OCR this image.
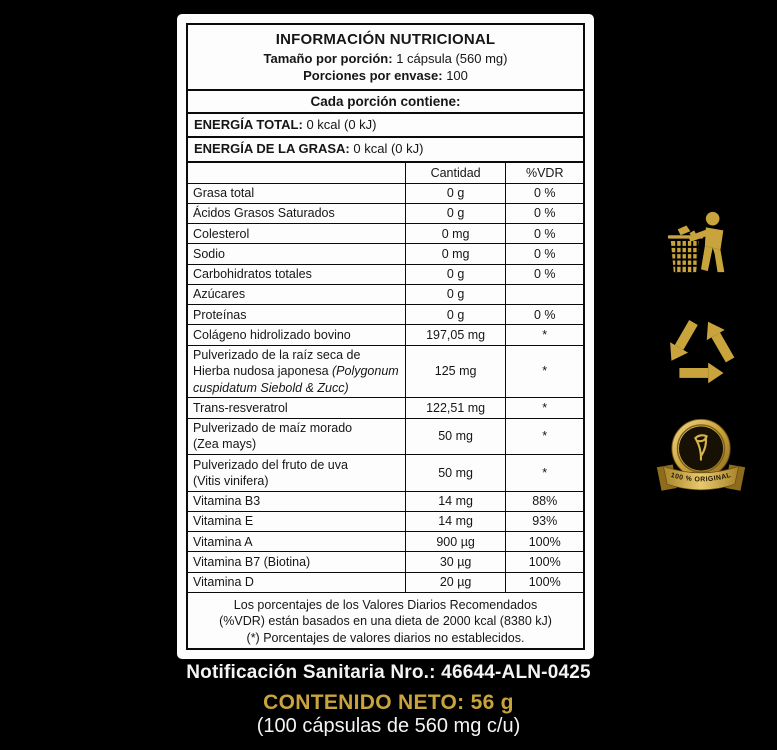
INFORMACIÓN NUTRICIONAL
Tamaño por porción: 1 cápsula (560 mg)
Porciones por envase: 100
Cada porción contiene:
ENERGÍA TOTAL: 0 kcal (0 kJ)
ENERGÍA DE LA GRASA: 0 kcal (0 kJ)
	Cantidad	%VDR
Grasa total	0 g	0 %
Ácidos Grasos Saturados	0 g	0 %
Colesterol	0 mg	0 %
Sodio	0 mg	0 %
Carbohidratos totales	0 g	0 %
Azúcares	0 g	
Proteínas	0 g	0 %
Colágeno hidrolizado bovino	197,05 mg	*
Pulverizado de la raíz seca de Hierba nudosa japonesa (Polygonum cuspidatum Siebold & Zucc)	125 mg	*
Trans-resveratrol	122,51 mg	*
Pulverizado de maíz morado
(Zea mays)	50 mg	*
Pulverizado del fruto de uva
(Vitis vinifera)	50 mg	*
Vitamina B3	14 mg	88%
Vitamina E	14 mg	93%
Vitamina A	900 µg	100%
Vitamina B7 (Biotina)	30 µg	100%
Vitamina D	20 µg	100%
Los porcentajes de los Valores Diarios Recomendados
(%VDR) están basados en una dieta de 2000 kcal (8380 kJ)
(*) Porcentajes de valores diarios no establecidos.
100 % ORIGINAL
Notificación Sanitaria Nro.: 46644-ALN-0425
CONTENIDO NETO: 56 g
(100 cápsulas de 560 mg c/u)
